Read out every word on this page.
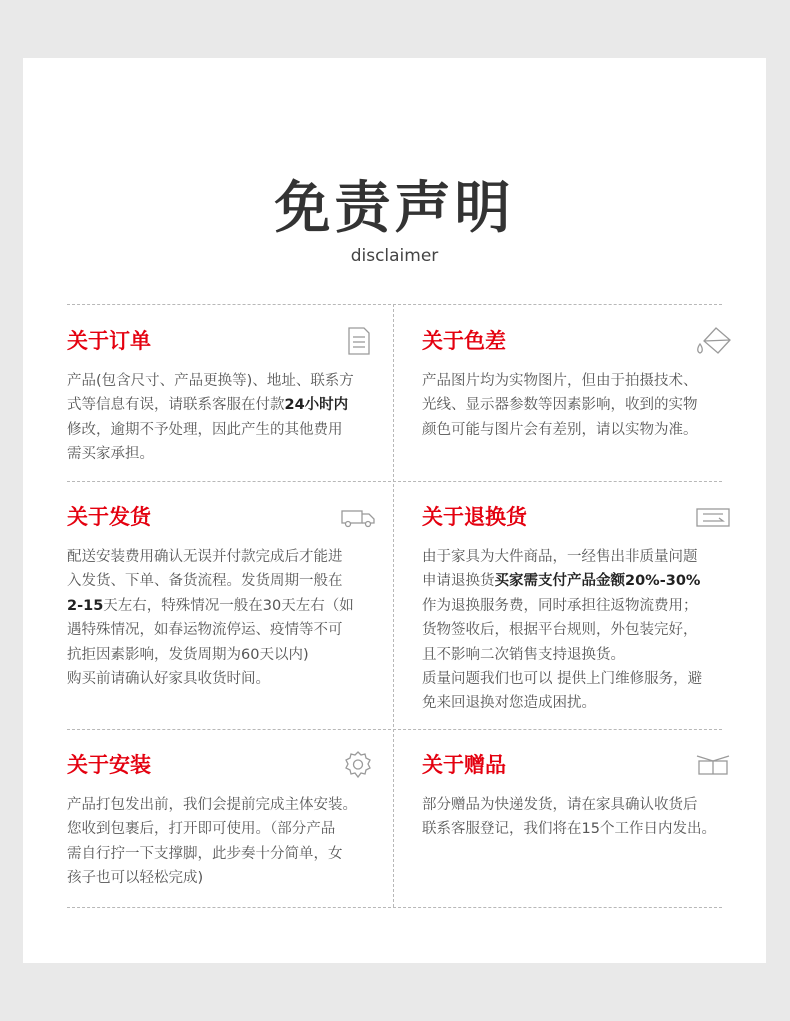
免责声明
disclaimer
关于订单
产品(包含尺寸、产品更换等)、地址、联系方
式等信息有误，请联系客服在付款24小时内
修改，逾期不予处理，因此产生的其他费用
需买家承担。
关于色差
产品图片均为实物图片，但由于拍摄技术、
光线、显示器参数等因素影响，收到的实物
颜色可能与图片会有差别，请以实物为准。
关于发货
配送安装费用确认无误并付款完成后才能进
入发货、下单、备货流程。发货周期一般在
2-15天左右，特殊情况一般在30天左右（如
遇特殊情况，如春运物流停运、疫情等不可
抗拒因素影响，发货周期为60天以内)
购买前请确认好家具收货时间。
关于退换货
由于家具为大件商品，一经售出非质量问题
申请退换货买家需支付产品金额20%-30%
作为退换服务费，同时承担往返物流费用；
货物签收后，根据平台规则，外包装完好，
且不影响二次销售支持退换货。
质量问题我们也可以 提供上门维修服务，避
免来回退换对您造成困扰。
关于安装
产品打包发出前，我们会提前完成主体安装。
您收到包裹后，打开即可使用。（部分产品
需自行拧一下支撑脚，此步奏十分简单，女
孩子也可以轻松完成)
关于赠品
部分赠品为快递发货，请在家具确认收货后
联系客服登记，我们将在15个工作日内发出。
